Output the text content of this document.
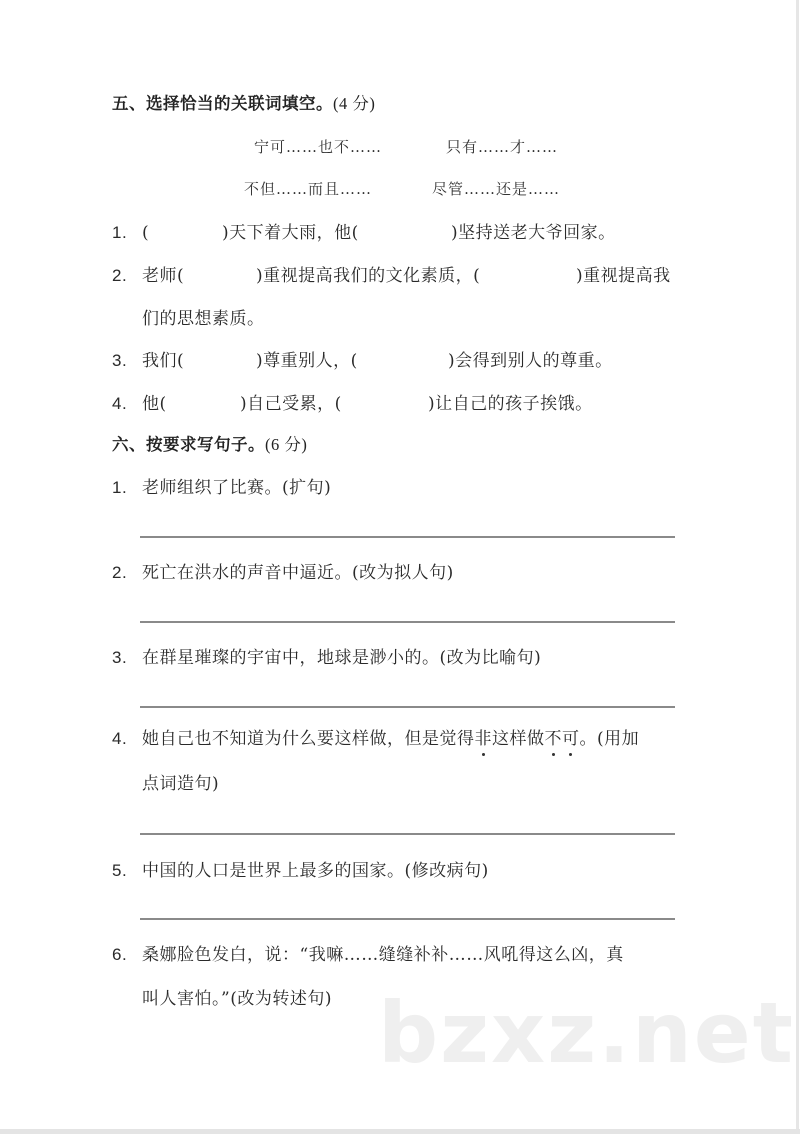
五、选择恰当的关联词填空。(4 分)
宁可……也不……	只有……才……
不但……而且……	尽管……还是……
1. (	)天下着大雨，他(	)坚持送老大爷回家。
2. 老师(	)重视提高我们的文化素质，(	)重视提高我
们的思想素质。
3. 我们(	)尊重别人，(	)会得到别人的尊重。
4. 他(	)自己受累，(	)让自己的孩子挨饿。
六、按要求写句子。(6 分)
1. 老师组织了比赛。(扩句)
2. 死亡在洪水的声音中逼近。(改为拟人句)
3. 在群星璀璨的宇宙中，地球是渺小的。(改为比喻句)
4. 她自己也不知道为什么要这样做，但是觉得非这样做不可。(用加
点词造句)
5. 中国的人口是世界上最多的国家。(修改病句)
6. 桑娜脸色发白，说：“我嘛……缝缝补补……风吼得这么凶，真
叫人害怕。”(改为转述句) bzxz.net
